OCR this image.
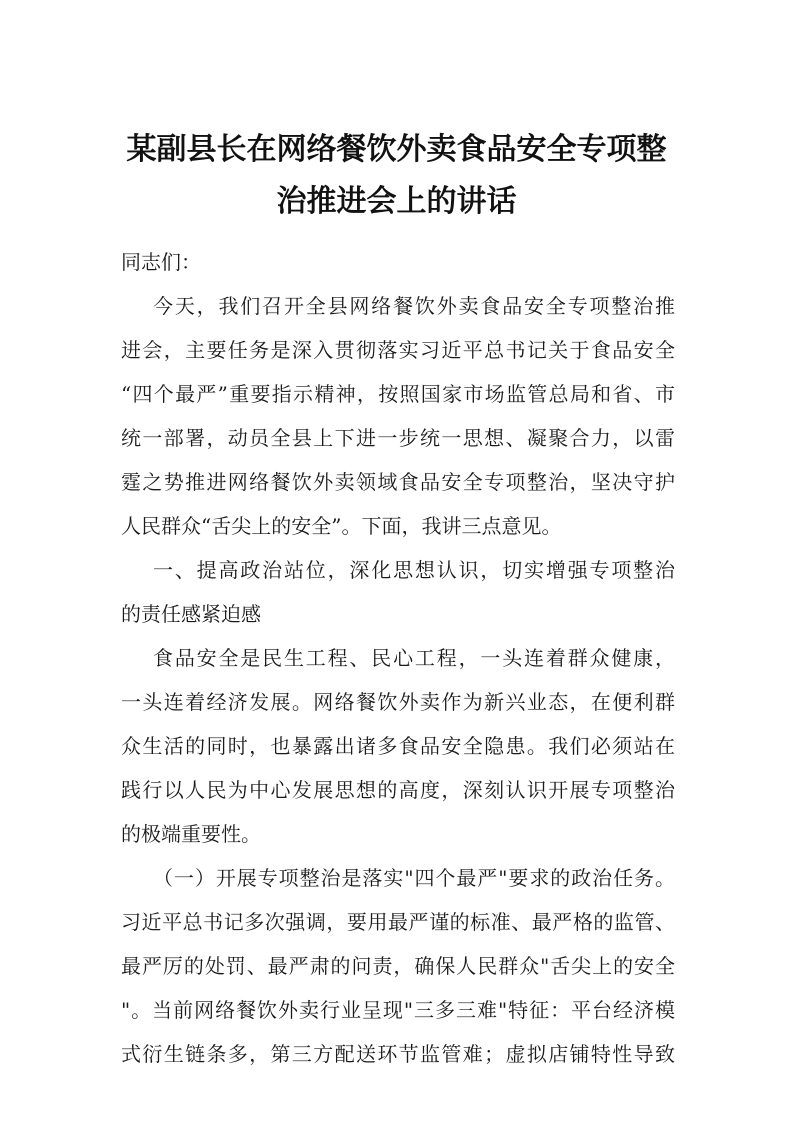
某副县长在网络餐饮外卖食品安全专项整
治推进会上的讲话
同志们：
今天，我们召开全县网络餐饮外卖食品安全专项整治推
进会，主要任务是深入贯彻落实习近平总书记关于食品安全
“四个最严”重要指示精神，按照国家市场监管总局和省、市
统一部署，动员全县上下进一步统一思想、凝聚合力，以雷
霆之势推进网络餐饮外卖领域食品安全专项整治，坚决守护
人民群众“舌尖上的安全”。下面，我讲三点意见。
一、提高政治站位，深化思想认识，切实增强专项整治
的责任感紧迫感
食品安全是民生工程、民心工程，一头连着群众健康，
一头连着经济发展。网络餐饮外卖作为新兴业态，在便利群
众生活的同时，也暴露出诸多食品安全隐患。我们必须站在
践行以人民为中心发展思想的高度，深刻认识开展专项整治
的极端重要性。
（一）开展专项整治是落实"四个最严"要求的政治任务。
习近平总书记多次强调，要用最严谨的标准、最严格的监管、
最严厉的处罚、最严肃的问责，确保人民群众"舌尖上的安全
"。当前网络餐饮外卖行业呈现"三多三难"特征：平台经济模
式衍生链条多，第三方配送环节监管难；虚拟店铺特性导致
